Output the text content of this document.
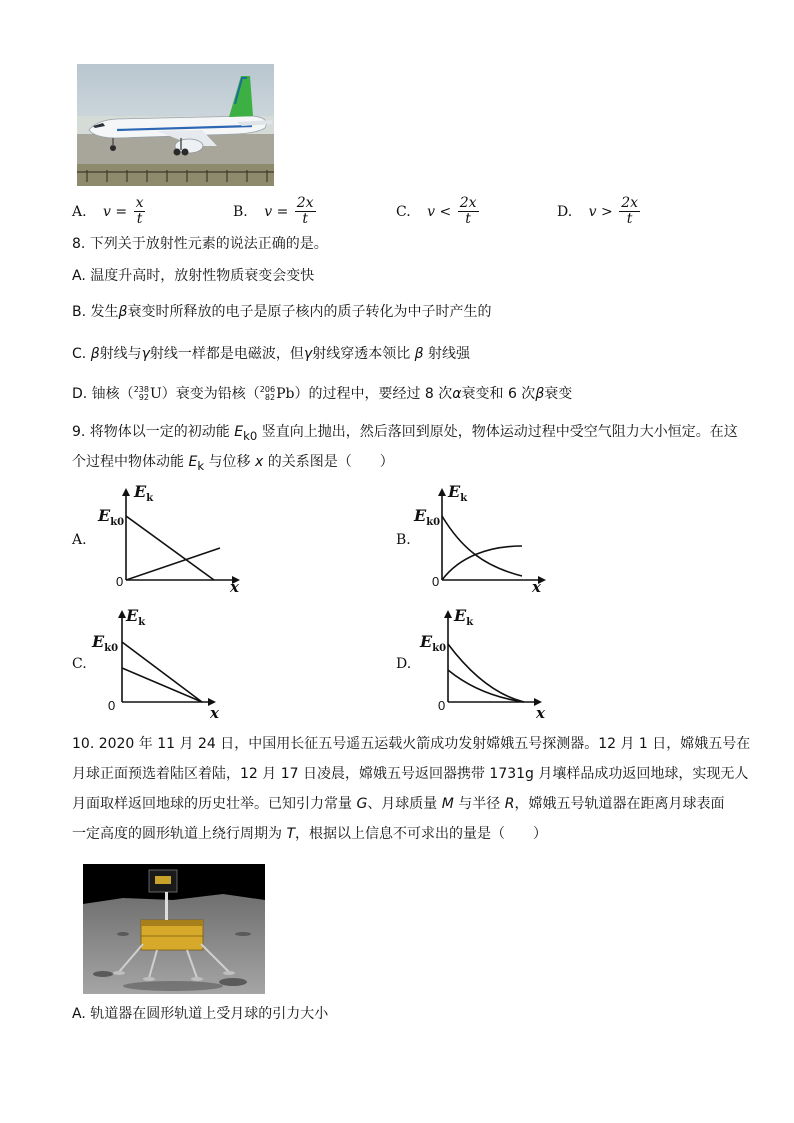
A. $v = \frac{x}{t}$	B. $v = \frac{2x}{t}$	C. $v < \frac{2x}{t}$	D. $v > \frac{2x}{t}$
8. 下列关于放射性元素的说法正确的是。
A. 温度升高时，放射性物质衰变会变快
B. 发生β衰变时所释放的电子是原子核内的质子转化为中子时产生的
C. β射线与γ射线一样都是电磁波，但γ射线穿透本领比 β 射线强
D. 铀核（ 238
92 U）衰变为铅核（ 206
82 Pb）的过程中，要经过 8 次α衰变和 6 次β衰变
9. 将物体以一定的初动能 $E_{k0}$ 竖直向上抛出，然后落回到原处，物体运动过程中受空气阻力大小恒定。在这
个过程中物体动能 $E_k$ 与位移 x 的关系图是（　　）
A.
$E_k$
$E_{k0}$
0	x
B.
$E_k$
$E_{k0}$
0	x
C.
$E_k$
$E_{k0}$
0	x
D.
$E_k$
$E_{k0}$
0	x
10. 2020 年 11 月 24 日，中国用长征五号遥五运载火箭成功发射嫦娥五号探测器。12 月 1 日，嫦娥五号在
月球正面预选着陆区着陆，12 月 17 日凌晨，嫦娥五号返回器携带 1731g 月壤样品成功返回地球，实现无人
月面取样返回地球的历史壮举。已知引力常量 G、月球质量 M 与半径 R，嫦娥五号轨道器在距离月球表面
一定高度的圆形轨道上绕行周期为 T，根据以上信息不可求出的量是（　　）
A. 轨道器在圆形轨道上受月球的引力大小
